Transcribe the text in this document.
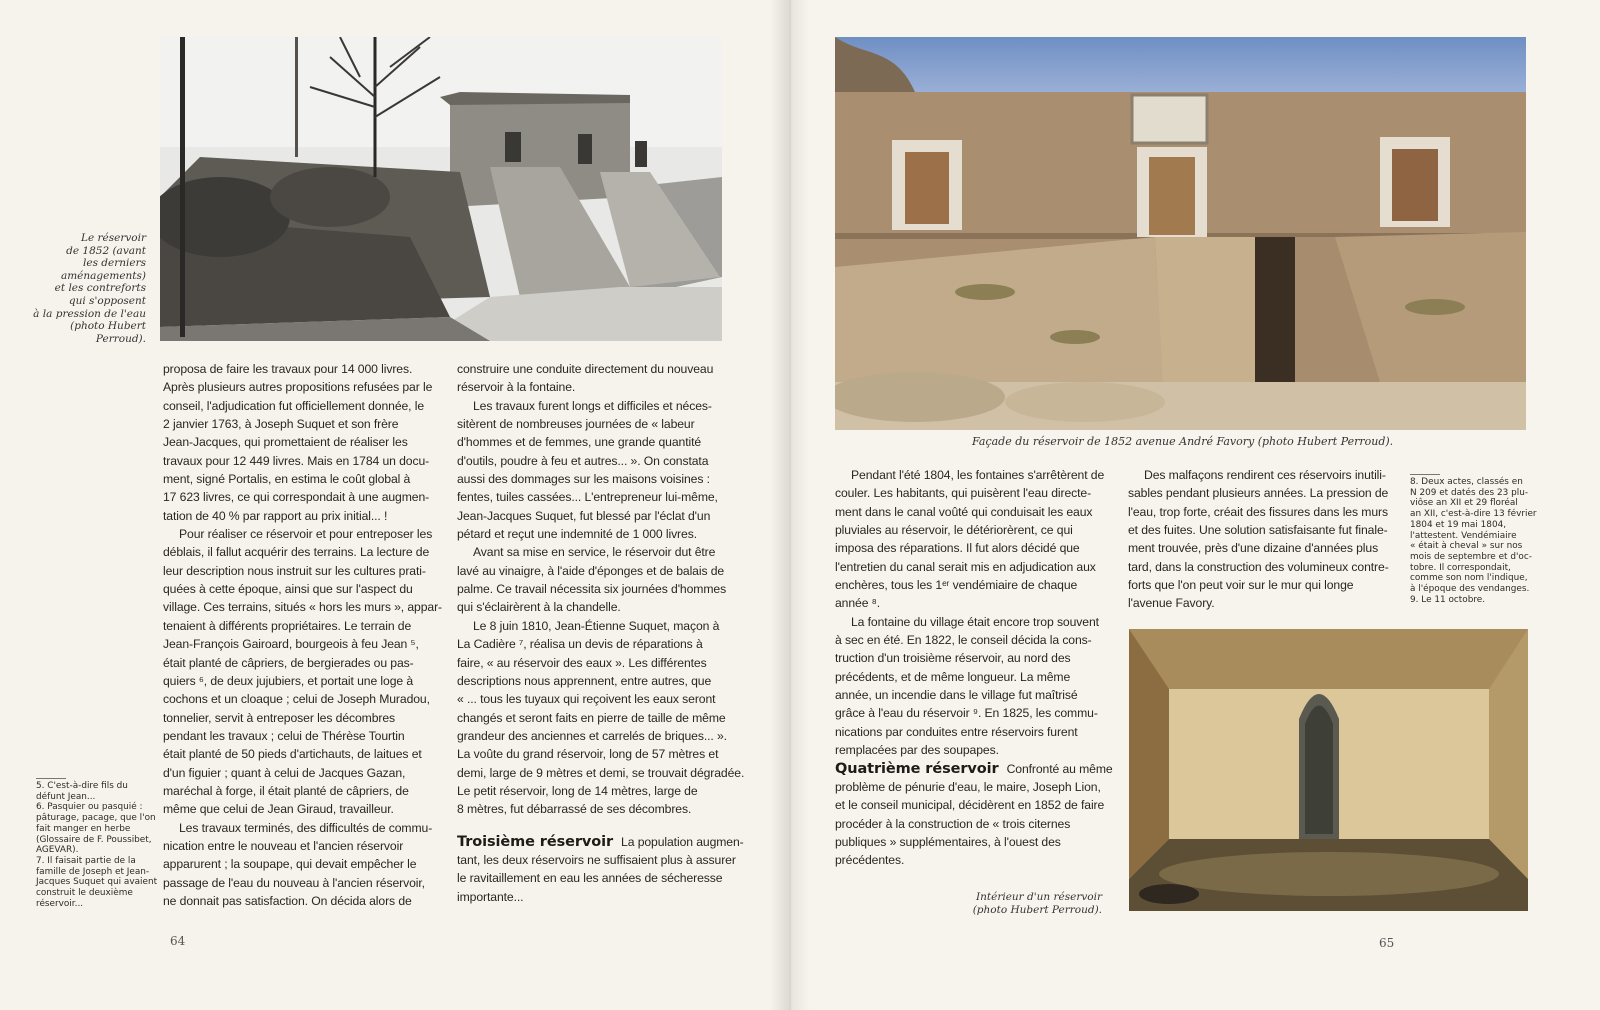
Le réservoir
de 1852 (avant
les derniers
aménagements)
et les contreforts
qui s'opposent
à la pression de l'eau
(photo Hubert
Perroud).
proposa de faire les travaux pour 14 000 livres.
Après plusieurs autres propositions refusées par le
conseil, l'adjudication fut officiellement donnée, le
2 janvier 1763, à Joseph Suquet et son frère
Jean-Jacques, qui promettaient de réaliser les
travaux pour 12 449 livres. Mais en 1784 un docu-
ment, signé Portalis, en estima le coût global à
17 623 livres, ce qui correspondait à une augmen-
tation de 40 % par rapport au prix initial... !
Pour réaliser ce réservoir et pour entreposer les
déblais, il fallut acquérir des terrains. La lecture de
leur description nous instruit sur les cultures prati-
quées à cette époque, ainsi que sur l'aspect du
village. Ces terrains, situés « hors les murs », appar-
tenaient à différents propriétaires. Le terrain de
Jean-François Gairoard, bourgeois à feu Jean ⁵,
était planté de câpriers, de bergierades ou pas-
quiers ⁶, de deux jujubiers, et portait une loge à
cochons et un cloaque ; celui de Joseph Muradou,
tonnelier, servit à entreposer les décombres
pendant les travaux ; celui de Thérèse Tourtin
était planté de 50 pieds d'artichauts, de laitues et
d'un figuier ; quant à celui de Jacques Gazan,
maréchal à forge, il était planté de câpriers, de
même que celui de Jean Giraud, travailleur.
Les travaux terminés, des difficultés de commu-
nication entre le nouveau et l'ancien réservoir
apparurent ; la soupape, qui devait empêcher le
passage de l'eau du nouveau à l'ancien réservoir,
ne donnait pas satisfaction. On décida alors de
construire une conduite directement du nouveau
réservoir à la fontaine.
Les travaux furent longs et difficiles et néces-
sitèrent de nombreuses journées de « labeur
d'hommes et de femmes, une grande quantité
d'outils, poudre à feu et autres... ». On constata
aussi des dommages sur les maisons voisines :
fentes, tuiles cassées... L'entrepreneur lui-même,
Jean-Jacques Suquet, fut blessé par l'éclat d'un
pétard et reçut une indemnité de 1 000 livres.
Avant sa mise en service, le réservoir dut être
lavé au vinaigre, à l'aide d'éponges et de balais de
palme. Ce travail nécessita six journées d'hommes
qui s'éclairèrent à la chandelle.
Le 8 juin 1810, Jean-Étienne Suquet, maçon à
La Cadière ⁷, réalisa un devis de réparations à
faire, « au réservoir des eaux ». Les différentes
descriptions nous apprennent, entre autres, que
« ... tous les tuyaux qui reçoivent les eaux seront
changés et seront faits en pierre de taille de même
grandeur des anciennes et carrelés de briques... ».
La voûte du grand réservoir, long de 57 mètres et
demi, large de 9 mètres et demi, se trouvait dégradée.
Le petit réservoir, long de 14 mètres, large de
8 mètres, fut débarrassé de ses décombres.
Troisième réservoir La population augmen-
tant, les deux réservoirs ne suffisaient plus à assurer
le ravitaillement en eau les années de sécheresse
importante...
5. C'est-à-dire fils du
défunt Jean...
6. Pasquier ou pasquié :
pâturage, pacage, que l'on
fait manger en herbe
(Glossaire de F. Poussibet,
AGEVAR).
7. Il faisait partie de la
famille de Joseph et Jean-
Jacques Suquet qui avaient
construit le deuxième
réservoir...
64
Façade du réservoir de 1852 avenue André Favory (photo Hubert Perroud).
Pendant l'été 1804, les fontaines s'arrêtèrent de
couler. Les habitants, qui puisèrent l'eau directe-
ment dans le canal voûté qui conduisait les eaux
pluviales au réservoir, le détériorèrent, ce qui
imposa des réparations. Il fut alors décidé que
l'entretien du canal serait mis en adjudication aux
enchères, tous les 1ᵉʳ vendémiaire de chaque
année ⁸.
La fontaine du village était encore trop souvent
à sec en été. En 1822, le conseil décida la cons-
truction d'un troisième réservoir, au nord des
précédents, et de même longueur. La même
année, un incendie dans le village fut maîtrisé
grâce à l'eau du réservoir ⁹. En 1825, les commu-
nications par conduites entre réservoirs furent
remplacées par des soupapes.
Quatrième réservoir Confronté au même
problème de pénurie d'eau, le maire, Joseph Lion,
et le conseil municipal, décidèrent en 1852 de faire
procéder à la construction de « trois citernes
publiques » supplémentaires, à l'ouest des
précédentes.
Des malfaçons rendirent ces réservoirs inutili-
sables pendant plusieurs années. La pression de
l'eau, trop forte, créait des fissures dans les murs
et des fuites. Une solution satisfaisante fut finale-
ment trouvée, près d'une dizaine d'années plus
tard, dans la construction des volumineux contre-
forts que l'on peut voir sur le mur qui longe
l'avenue Favory.
8. Deux actes, classés en
N 209 et datés des 23 plu-
viôse an XII et 29 floréal
an XII, c'est-à-dire 13 février
1804 et 19 mai 1804,
l'attestent. Vendémiaire
« était à cheval » sur nos
mois de septembre et d'oc-
tobre. Il correspondait,
comme son nom l'indique,
à l'époque des vendanges.
9. Le 11 octobre.
Intérieur d'un réservoir
(photo Hubert Perroud).
65
